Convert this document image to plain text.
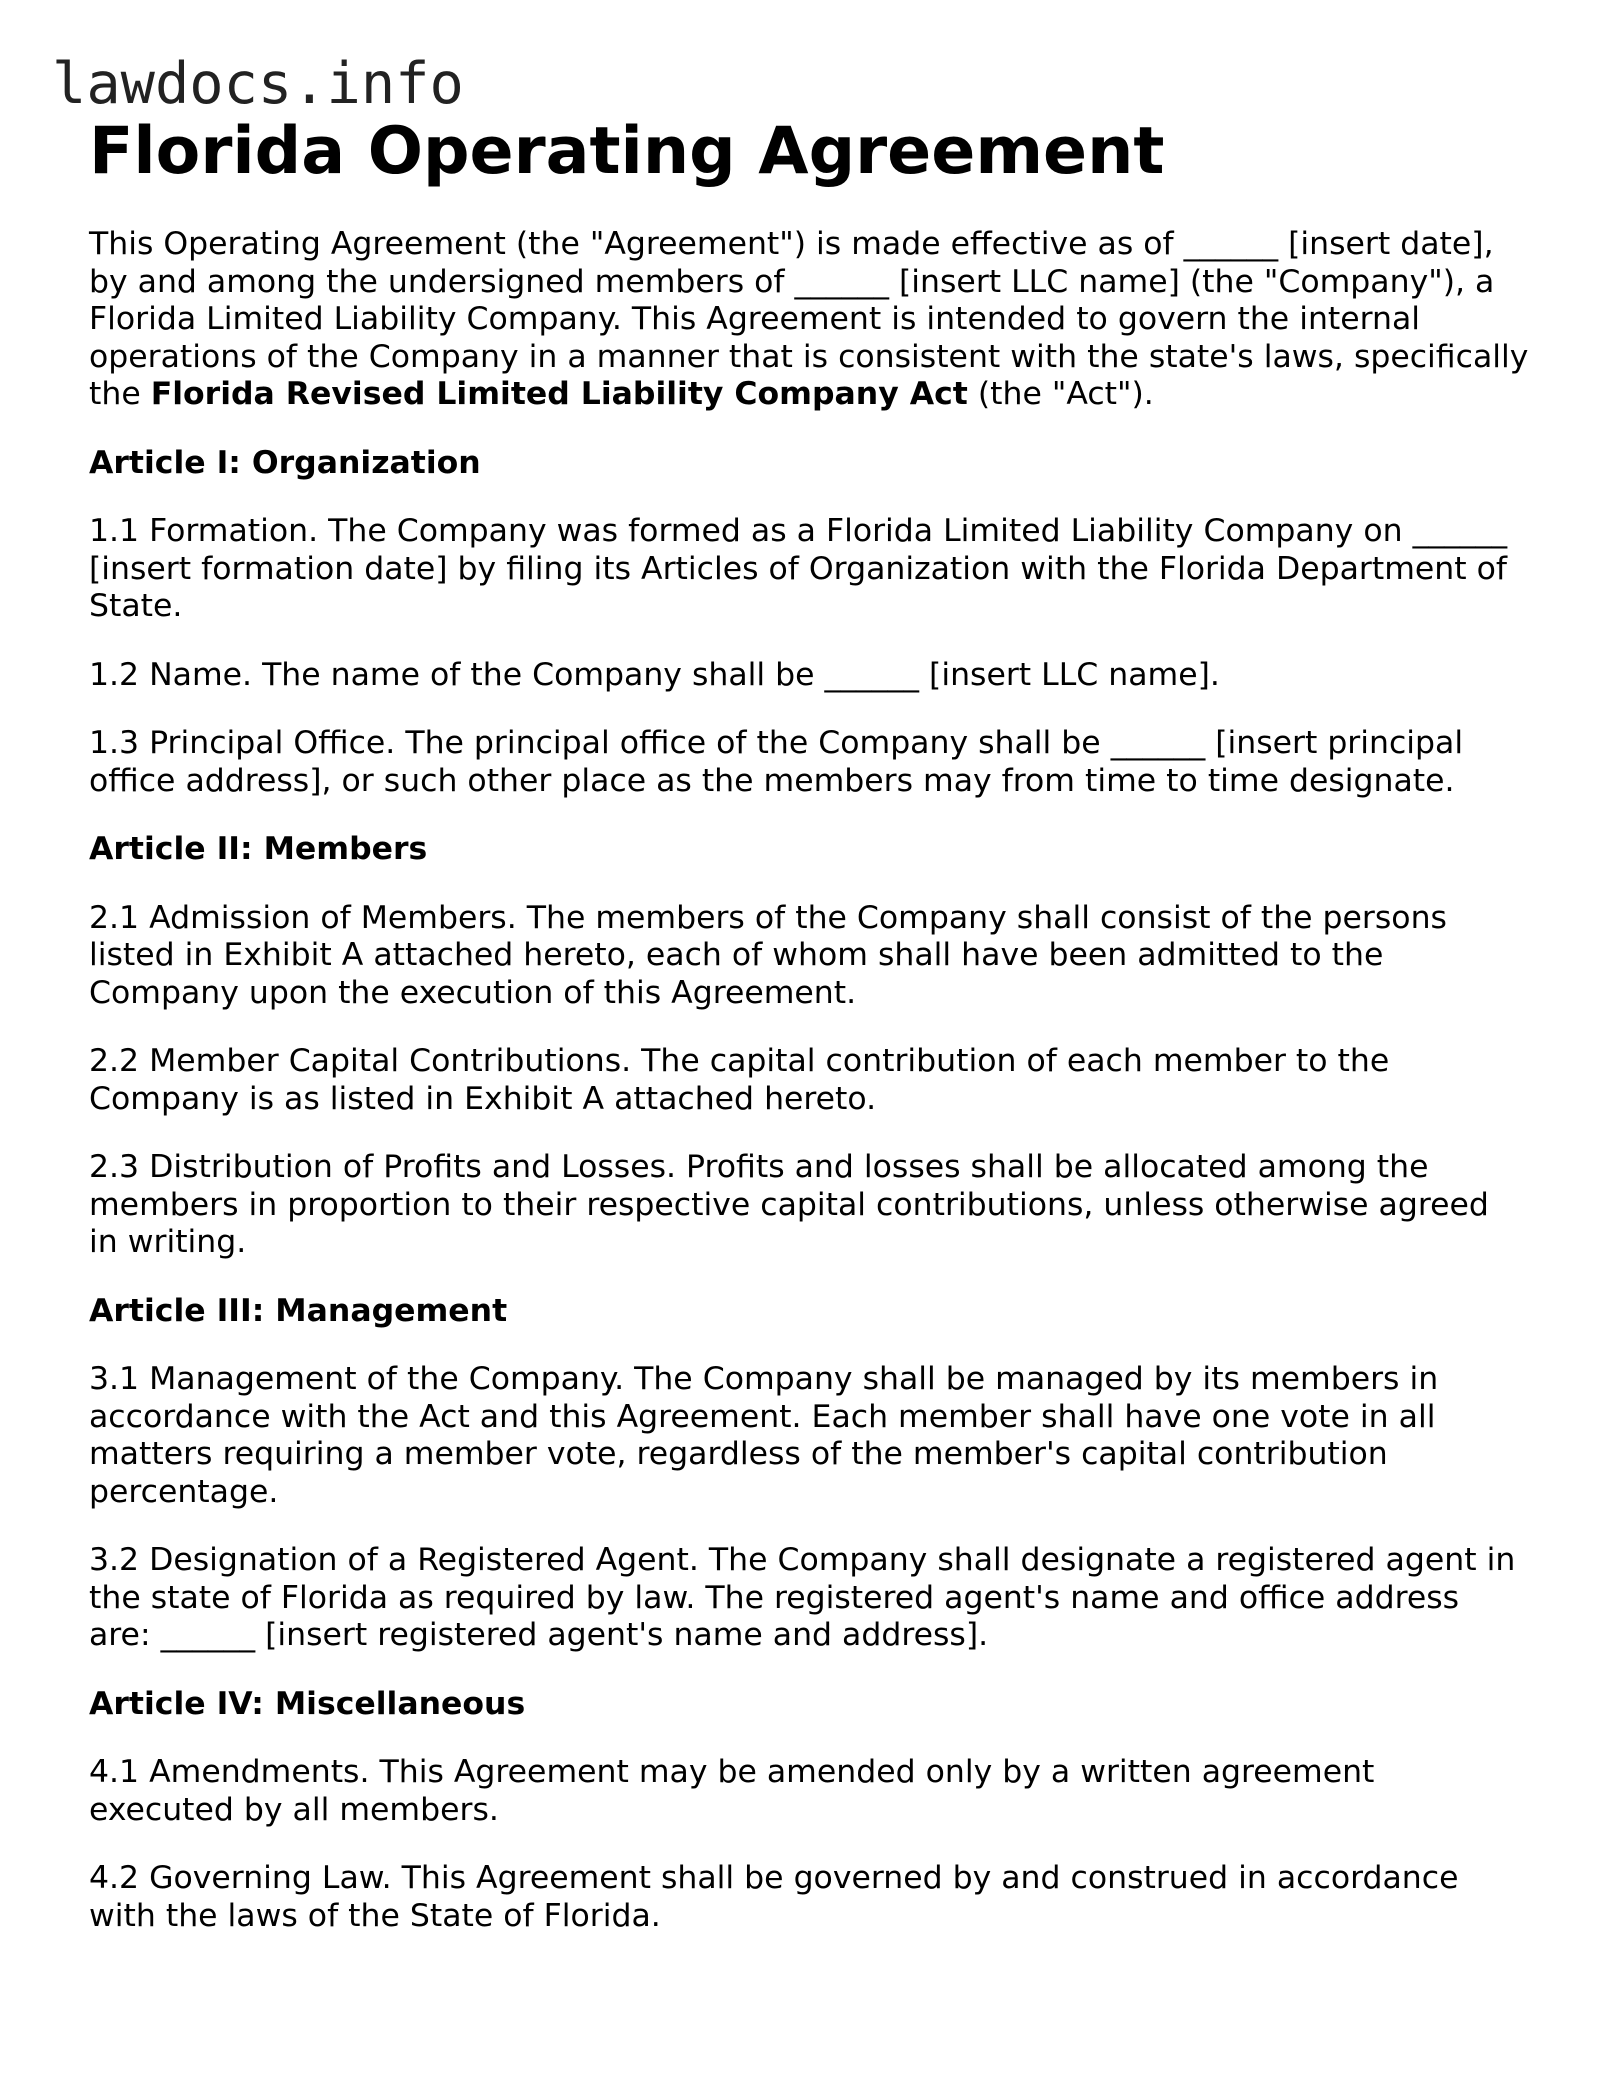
lawdocs.info
Florida Operating Agreement
This Operating Agreement (the "Agreement") is made effective as of ______ [insert date],
by and among the undersigned members of ______ [insert LLC name] (the "Company"), a
Florida Limited Liability Company. This Agreement is intended to govern the internal
operations of the Company in a manner that is consistent with the state's laws, specifically
the Florida Revised Limited Liability Company Act (the "Act").
Article I: Organization
1.1 Formation. The Company was formed as a Florida Limited Liability Company on ______
[insert formation date] by filing its Articles of Organization with the Florida Department of
State.
1.2 Name. The name of the Company shall be ______ [insert LLC name].
1.3 Principal Office. The principal office of the Company shall be ______ [insert principal
office address], or such other place as the members may from time to time designate.
Article II: Members
2.1 Admission of Members. The members of the Company shall consist of the persons
listed in Exhibit A attached hereto, each of whom shall have been admitted to the
Company upon the execution of this Agreement.
2.2 Member Capital Contributions. The capital contribution of each member to the
Company is as listed in Exhibit A attached hereto.
2.3 Distribution of Profits and Losses. Profits and losses shall be allocated among the
members in proportion to their respective capital contributions, unless otherwise agreed
in writing.
Article III: Management
3.1 Management of the Company. The Company shall be managed by its members in
accordance with the Act and this Agreement. Each member shall have one vote in all
matters requiring a member vote, regardless of the member's capital contribution
percentage.
3.2 Designation of a Registered Agent. The Company shall designate a registered agent in
the state of Florida as required by law. The registered agent's name and office address
are: ______ [insert registered agent's name and address].
Article IV: Miscellaneous
4.1 Amendments. This Agreement may be amended only by a written agreement
executed by all members.
4.2 Governing Law. This Agreement shall be governed by and construed in accordance
with the laws of the State of Florida.
